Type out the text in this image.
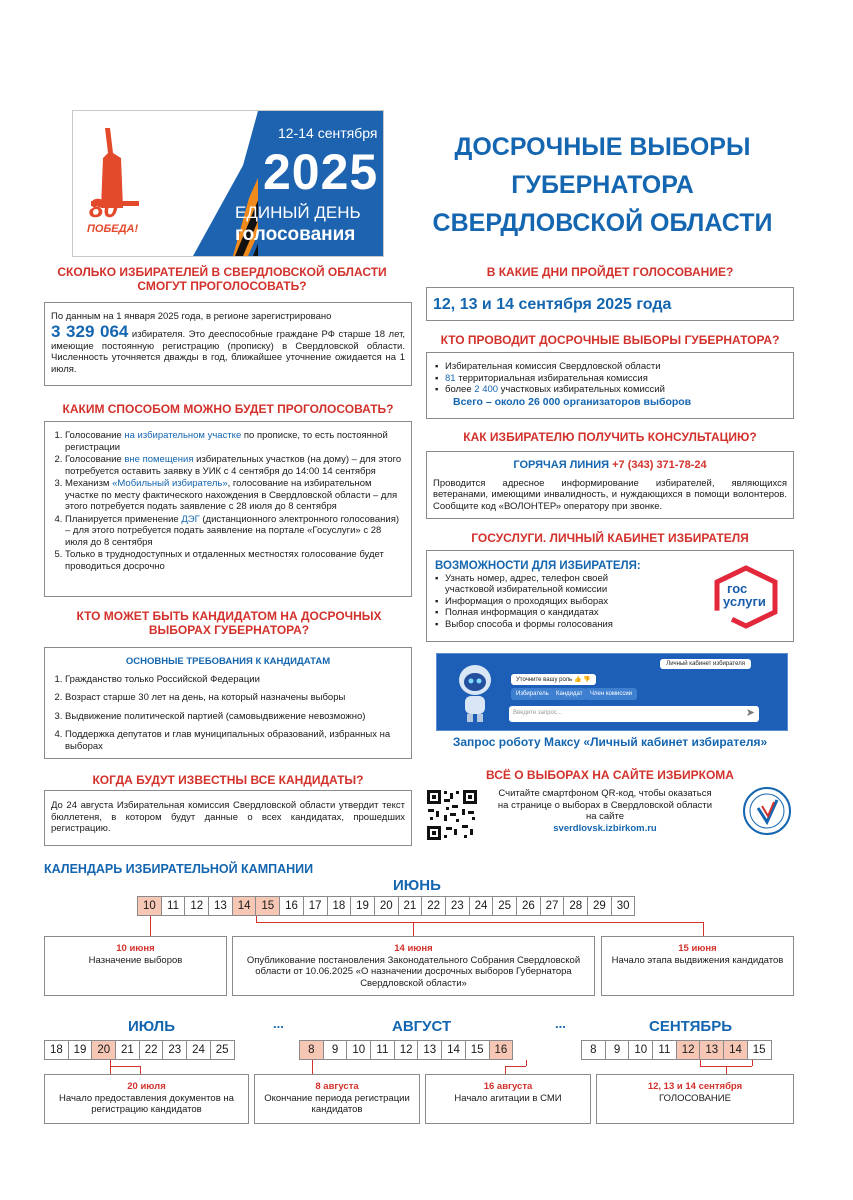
80
ПОБЕДА!
12-14 сентября
2025
ЕДИНЫЙ ДЕНЬ
голосования
ДОСРОЧНЫЕ ВЫБОРЫ
ГУБЕРНАТОРА
СВЕРДЛОВСКОЙ ОБЛАСТИ
СКОЛЬКО ИЗБИРАТЕЛЕЙ В СВЕРДЛОВСКОЙ ОБЛАСТИ СМОГУТ ПРОГОЛОСОВАТЬ?
По данным на 1 января 2025 года, в регионе зарегистрировано
3 329 064 избирателя. Это дееспособные граждане РФ старше 18 лет, имеющие постоянную регистрацию (прописку) в Свердловской области. Численность уточняется дважды в год, ближайшее уточнение ожидается на 1 июля.
КАКИМ СПОСОБОМ МОЖНО БУДЕТ ПРОГОЛОСОВАТЬ?
1. Голосование на избирательном участке по прописке, то есть постоянной регистрации
2. Голосование вне помещения избирательных участков (на дому) – для этого потребуется оставить заявку в УИК с 4 сентября до 14:00 14 сентября
3. Механизм «Мобильный избиратель», голосование на избирательном участке по месту фактического нахождения в Свердловской области – для этого потребуется подать заявление с 28 июля до 8 сентября
4. Планируется применение ДЭГ (дистанционного электронного голосования) – для этого потребуется подать заявление на портале «Госуслуги» с 28 июля до 8 сентября
5. Только в труднодоступных и отдаленных местностях голосование будет проводиться досрочно
КТО МОЖЕТ БЫТЬ КАНДИДАТОМ НА ДОСРОЧНЫХ ВЫБОРАХ ГУБЕРНАТОРА?
ОСНОВНЫЕ ТРЕБОВАНИЯ К КАНДИДАТАМ
1. Гражданство только Российской Федерации
2. Возраст старше 30 лет на день, на который назначены выборы
3. Выдвижение политической партией (самовыдвижение невозможно)
4. Поддержка депутатов и глав муниципальных образований, избранных на выборах
КОГДА БУДУТ ИЗВЕСТНЫ ВСЕ КАНДИДАТЫ?
До 24 августа Избирательная комиссия Свердловской области утвердит текст бюллетеня, в котором будут данные о всех кандидатах, прошедших регистрацию.
В КАКИЕ ДНИ ПРОЙДЕТ ГОЛОСОВАНИЕ?
12, 13 и 14 сентября 2025 года
КТО ПРОВОДИТ ДОСРОЧНЫЕ ВЫБОРЫ ГУБЕРНАТОРА?
▪ Избирательная комиссия Свердловской области
▪ 81 территориальная избирательная комиссия
▪ более 2 400 участковых избирательных комиссий
Всего – около 26 000 организаторов выборов
КАК ИЗБИРАТЕЛЮ ПОЛУЧИТЬ КОНСУЛЬТАЦИЮ?
ГОРЯЧАЯ ЛИНИЯ +7 (343) 371-78-24
Проводится адресное информирование избирателей, являющихся ветеранами, имеющими инвалидность, и нуждающихся в помощи волонтеров. Сообщите код «ВОЛОНТЕР» оператору при звонке.
ГОСУСЛУГИ. ЛИЧНЫЙ КАБИНЕТ ИЗБИРАТЕЛЯ
ВОЗМОЖНОСТИ ДЛЯ ИЗБИРАТЕЛЯ:
▪ Узнать номер, адрес, телефон своей участковой избирательной комиссии
▪ Информация о проходящих выборах
▪ Полная информация о кандидатах
▪ Выбор способа и формы голосования
гос
услуги
Уточните вашу роль 👍 👎
Личный кабинет избирателя
Избиратель	Кандидат	Член комиссии
Введите запрос...	➤
Запрос роботу Максу «Личный кабинет избирателя»
ВСЁ О ВЫБОРАХ НА САЙТЕ ИЗБИРКОМА
Считайте смартфоном QR-код, чтобы оказаться на странице о выборах в Свердловской области на сайте
sverdlovsk.izbirkom.ru
КАЛЕНДАРЬ ИЗБИРАТЕЛЬНОЙ КАМПАНИИ
ИЮНЬ
10 11 12 13 14 15 16 17 18 19 20 21 22 23 24 25 26 27 28 29 30
10 июня
Назначение выборов
14 июня
Опубликование постановления Законодательного Собрания Свердловской области от 10.06.2025 «О назначении досрочных выборов Губернатора Свердловской области»
15 июня
Начало этапа выдвижения кандидатов
ИЮЛЬ	...	АВГУСТ	...	СЕНТЯБРЬ
18 19 20 21 22 23 24 25	8	9	10 11 12 13 14 15 16	8	9	10 11 12 13 14 15
20 июля
Начало предоставления документов на регистрацию кандидатов
8 августа
Окончание периода регистрации кандидатов
16 августа
Начало агитации в СМИ
12, 13 и 14 сентября
ГОЛОСОВАНИЕ
